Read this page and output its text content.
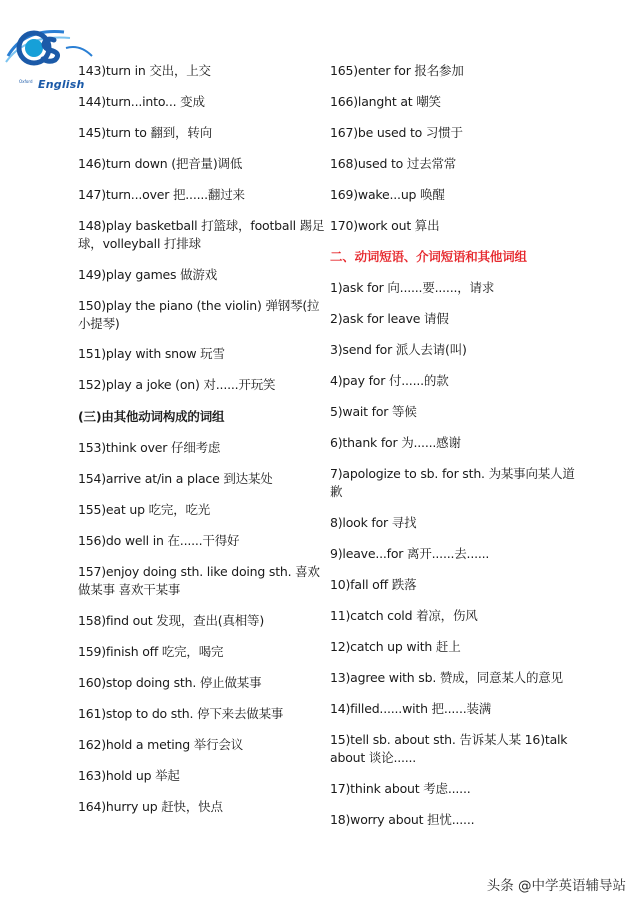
Oxford English
143)turn in 交出，上交
144)turn...into... 变成
145)turn to 翻到，转向
146)turn down (把音量)调低
147)turn...over 把......翻过来
148)play basketball 打篮球，football 踢足球，volleyball 打排球
149)play games 做游戏
150)play the piano (the violin) 弹钢琴(拉小提琴)
151)play with snow 玩雪
152)play a joke (on) 对......开玩笑
(三)由其他动词构成的词组
153)think over 仔细考虑
154)arrive at/in a place 到达某处
155)eat up 吃完，吃光
156)do well in 在......干得好
157)enjoy doing sth. like doing sth. 喜欢做某事 喜欢干某事
158)find out 发现，查出(真相等)
159)finish off 吃完，喝完
160)stop doing sth. 停止做某事
161)stop to do sth. 停下来去做某事
162)hold a meting 举行会议
163)hold up 举起
164)hurry up 赶快，快点
165)enter for 报名参加
166)langht at 嘲笑
167)be used to 习惯于
168)used to 过去常常
169)wake...up 唤醒
170)work out 算出
二、动词短语、介词短语和其他词组
1)ask for 向......要......，请求
2)ask for leave 请假
3)send for 派人去请(叫)
4)pay for 付......的款
5)wait for 等候
6)thank for 为......感谢
7)apologize to sb. for sth. 为某事向某人道歉
8)look for 寻找
9)leave...for 离开......去......
10)fall off 跌落
11)catch cold 着凉，伤风
12)catch up with 赶上
13)agree with sb. 赞成，同意某人的意见
14)filled......with 把......装满
15)tell sb. about sth. 告诉某人某 16)talk about 谈论......
17)think about 考虑......
18)worry about 担忧......
头条 @中学英语辅导站
